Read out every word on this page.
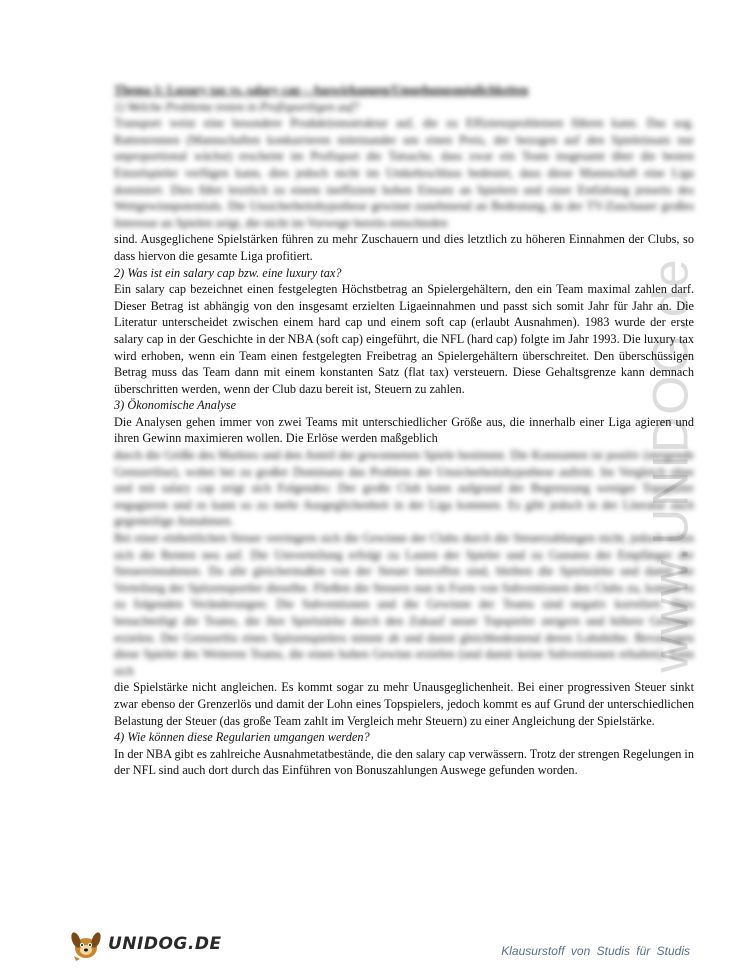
www.UNIDOG.de
Thema 1: Luxury tax vs. salary cap – Auswirkungen/Umgehungsmöglichkeiten
1) Welche Probleme treten in Profisportligen auf?

Transport weist eine besondere Produktionsstruktur auf, die zu Effizienzproblemen führen kann. Das sog. Rattenrennen (Mannschaften konkurrieren miteinander um einen Preis, der bezogen auf den Spieleinsatz nur unproportional wächst) erscheint im Profisport die Tatsache, dass zwar ein Team insgesamt über die besten Einzelspieler verfügen kann, dies jedoch nicht im Umkehrschluss bedeutet, dass diese Mannschaft eine Liga dominiert. Dies führt letztlich zu einem ineffizient hohen Einsatz an Spielern und einer Entfaltung jenseits des Wettgewinnpotentials. Die Unsicherheitshypothese gewinnt zunehmend an Bedeutung, da der TV-Zuschauer großes Interesse an Spielen zeigt, die nicht im Vorwege bereits entschieden

sind. Ausgeglichene Spielstärken führen zu mehr Zuschauern und dies letztlich zu höheren Einnahmen der Clubs, so dass hiervon die gesamte Liga profitiert.

2) Was ist ein salary cap bzw. eine luxury tax?

Ein salary cap bezeichnet einen festgelegten Höchstbetrag an Spielergehältern, den ein Team maximal zahlen darf. Dieser Betrag ist abhängig von den insgesamt erzielten Ligaeinnahmen und passt sich somit Jahr für Jahr an. Die Literatur unterscheidet zwischen einem hard cap und einem soft cap (erlaubt Ausnahmen). 1983 wurde der erste salary cap in der Geschichte in der NBA (soft cap) eingeführt, die NFL (hard cap) folgte im Jahr 1993. Die luxury tax wird erhoben, wenn ein Team einen festgelegten Freibetrag an Spielergehältern überschreitet. Den überschüssigen Betrag muss das Team dann mit einem konstanten Satz (flat tax) versteuern. Diese Gehaltsgrenze kann demnach überschritten werden, wenn der Club dazu bereit ist, Steuern zu zahlen.

3) Ökonomische Analyse

Die Analysen gehen immer von zwei Teams mit unterschiedlicher Größe aus, die innerhalb einer Liga agieren und ihren Gewinn maximieren wollen. Die Erlöse werden maßgeblich

durch die Größe des Marktes und den Anteil der gewonnenen Spiele bestimmt. Die Konstanten ist positiv (steigende Grenzerlöse), wobei bei zu großer Dominanz das Problem der Unsicherheitshypothese auftritt. Im Vergleich ohne und mit salary cap zeigt sich Folgendes: Der große Club kann aufgrund der Begrenzung weniger Topspieler engagieren und es kann so zu mehr Ausgeglichenheit in der Liga kommen. Es gibt jedoch in der Literatur auch gegenteilige Annahmen.

Bei einer einheitlichen Steuer verringern sich die Gewinne der Clubs durch die Steuerzahlungen nicht, jedoch teilen sich die Renten neu auf. Die Umverteilung erfolgt zu Lasten der Spieler und zu Gunsten der Empfänger der Steuereinnahmen. Da alle gleichermaßen von der Steuer betroffen sind, bleiben die Spielstärke und damit die Verteilung der Spitzensportler dieselbe. Fließen die Steuern nun in Form von Subventionen den Clubs zu, kommt es zu folgenden Veränderungen: Die Subventionen und die Gewinne der Teams sind negativ korreliert. Dies benachteiligt die Teams, die ihre Spielstärke durch den Zukauf neuer Topspieler steigern und höhere Gewinne erzielen. Der Grenzerlös eines Spitzenspielers nimmt ab und damit gleichbedeutend deren Lohnhöhe. Bevorzugen diese Spieler des Weiteren Teams, die einen hohen Gewinn erzielen (und damit keine Subventionen erhalten), kann sich

die Spielstärke nicht angleichen. Es kommt sogar zu mehr Unausgeglichenheit. Bei einer progressiven Steuer sinkt zwar ebenso der Grenzerlös und damit der Lohn eines Topspielers, jedoch kommt es auf Grund der unterschiedlichen Belastung der Steuer (das große Team zahlt im Vergleich mehr Steuern) zu einer Angleichung der Spielstärke.

4) Wie können diese Regularien umgangen werden?

In der NBA gibt es zahlreiche Ausnahmetatbestände, die den salary cap verwässern. Trotz der strengen Regelungen in der NFL sind auch dort durch das Einführen von Bonuszahlungen Auswege gefunden worden.

UNIDOG.DE	Klausurstoff von Studis für Studis
